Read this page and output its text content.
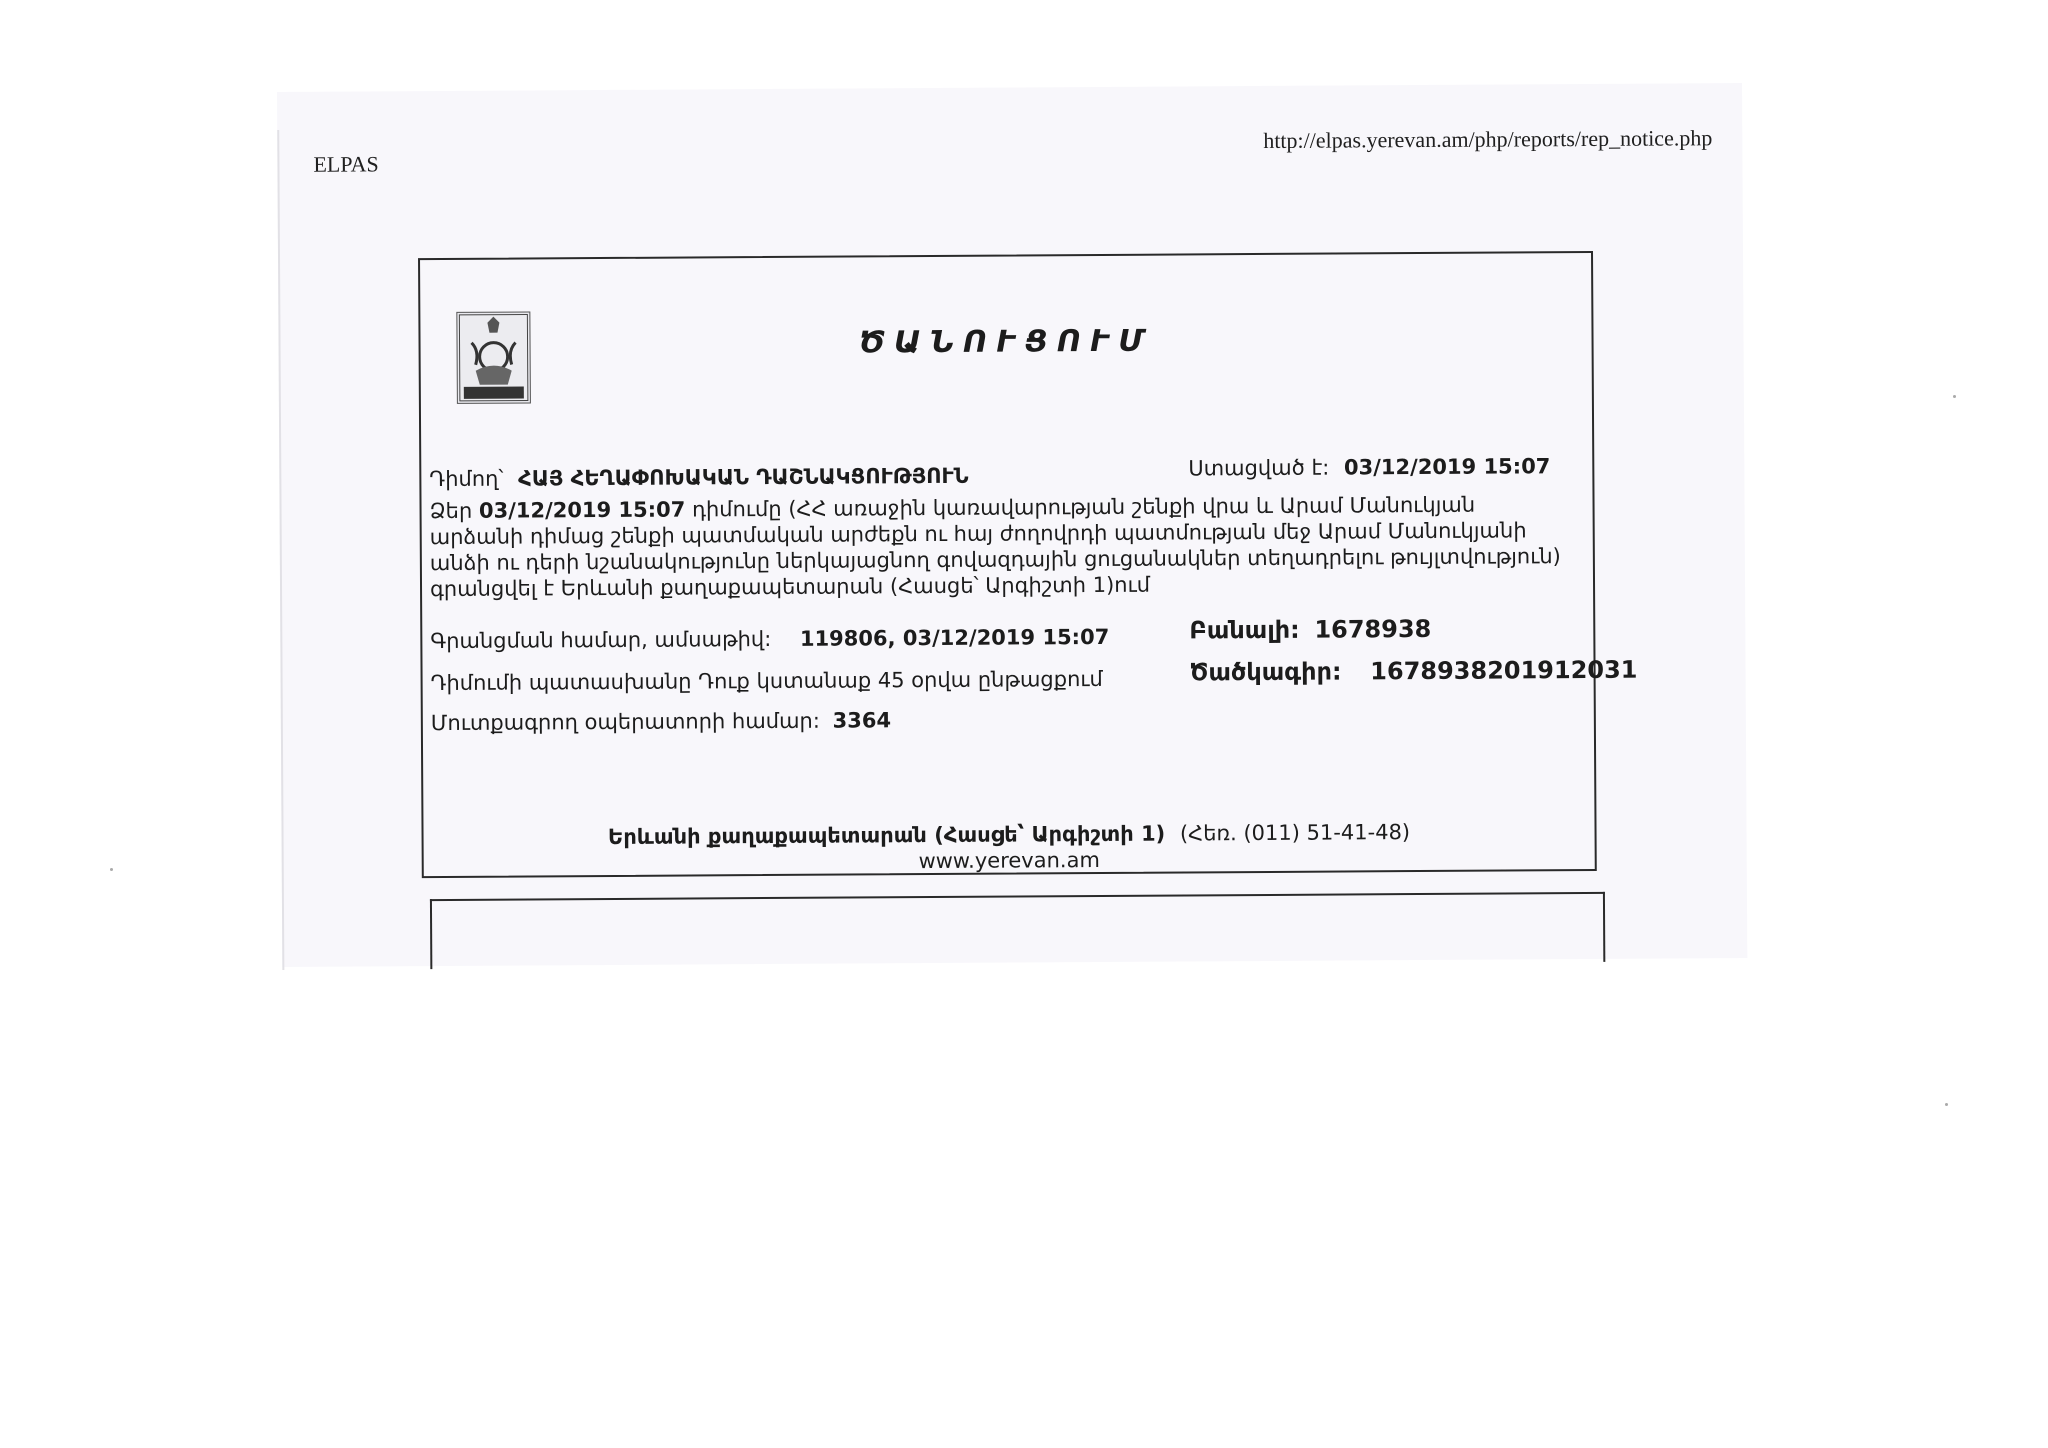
ELPAS
http://elpas.yerevan.am/php/reports/rep_notice.php
ԾԱՆՈՒՑՈՒՄ
Դիմող՝ ՀԱՅ ՀԵՂԱՓՈԽԱԿԱՆ ԴԱՇՆԱԿՑՈՒԹՅՈՒՆ	Ստացված է: 03/12/2019 15:07
Ձեր 03/12/2019 15:07 դիմումը (ՀՀ առաջին կառավարության շենքի վրա և Արամ Մանուկյան արձանի դիմաց շենքի պատմական արժեքն ու հայ ժողովրդի պատմության մեջ Արամ Մանուկյանի անձի ու դերի նշանակությունը ներկայացնող գովազդային ցուցանակներ տեղադրելու թույլտվություն) գրանցվել է Երևանի քաղաքապետարան (Հասցե՝ Արգիշտի 1)ում
Գրանցման համար, ամսաթիվ: 119806, 03/12/2019 15:07	Բանալի: 1678938
Դիմումի պատասխանը Դուք կստանաք 45 օրվա ընթացքում	Ծածկագիր: 1678938201912031
Մուտքագրող օպերատորի համար: 3364
Երևանի քաղաքապետարան (Հասցե՝ Արգիշտի 1) (Հեռ. (011) 51-41-48)
www.yerevan.am
